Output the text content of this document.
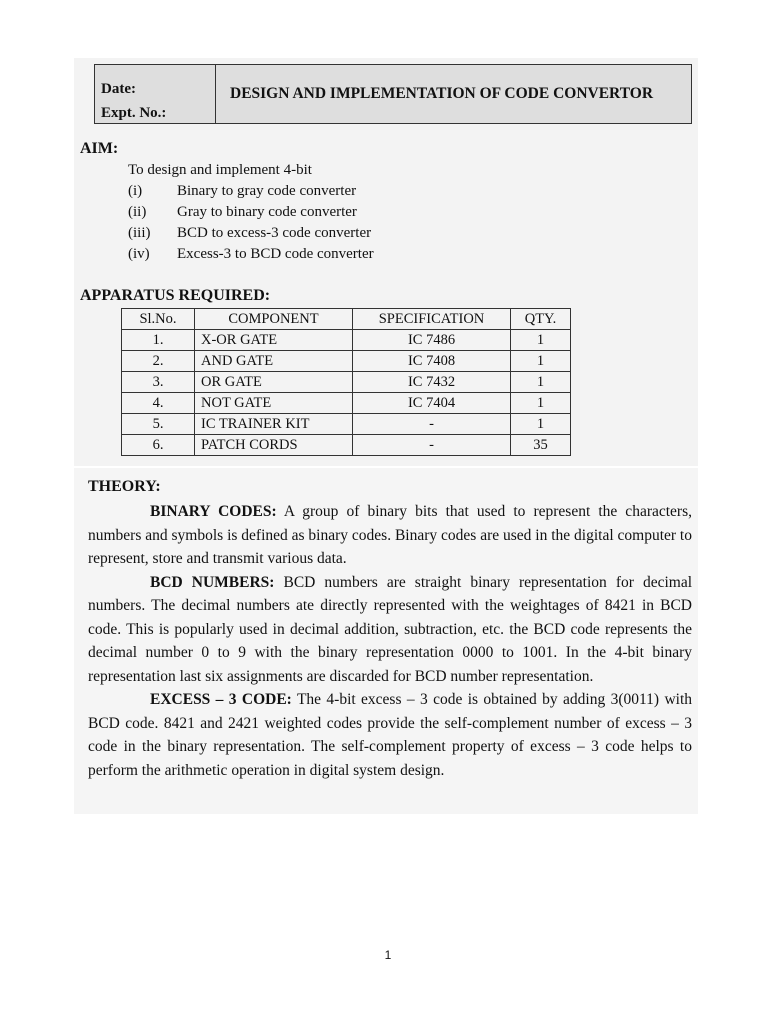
Date:
Expt. No.:
DESIGN AND IMPLEMENTATION OF CODE CONVERTOR
AIM:
To design and implement 4-bit
(i)	Binary to gray code converter
(ii)	Gray to binary code converter
(iii)	BCD to excess-3 code converter
(iv)	Excess-3 to BCD code converter
APPARATUS REQUIRED:
Sl.No.	COMPONENT	SPECIFICATION	QTY.
1.	X-OR GATE	IC 7486	1
2.	AND GATE	IC 7408	1
3.	OR GATE	IC 7432	1
4.	NOT GATE	IC 7404	1
5.	IC TRAINER KIT	-	1
6.	PATCH CORDS	-	35
THEORY:

BINARY CODES: A group of binary bits that used to represent the characters, numbers and symbols is defined as binary codes. Binary codes are used in the digital computer to represent, store and transmit various data.

BCD NUMBERS: BCD numbers are straight binary representation for decimal numbers. The decimal numbers ate directly represented with the weightages of 8421 in BCD code. This is popularly used in decimal addition, subtraction, etc. the BCD code represents the decimal number 0 to 9 with the binary representation 0000 to 1001. In the 4-bit binary representation last six assignments are discarded for BCD number representation.

EXCESS – 3 CODE: The 4-bit excess – 3 code is obtained by adding 3(0011) with BCD code. 8421 and 2421 weighted codes provide the self-complement number of excess – 3 code in the binary representation. The self-complement property of excess – 3 code helps to perform the arithmetic operation in digital system design.

1
